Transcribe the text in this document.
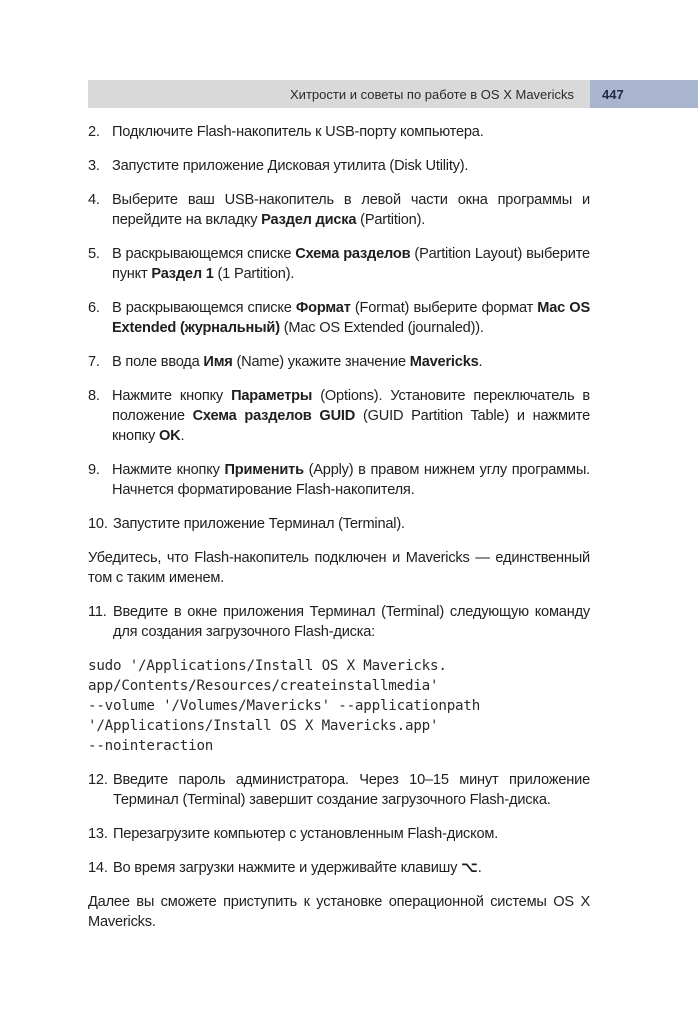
Хитрости и советы по работе в OS X Mavericks	447
2. Подключите Flash-накопитель к USB-порту компьютера.
3. Запустите приложение Дисковая утилита (Disk Utility).
4. Выберите ваш USB-накопитель в левой части окна программы и перейдите на вкладку Раздел диска (Partition).
5. В раскрывающемся списке Схема разделов (Partition Layout) выберите пункт Раздел 1 (1 Partition).
6. В раскрывающемся списке Формат (Format) выберите формат Mac OS Extended (журнальный) (Mac OS Extended (journaled)).
7. В поле ввода Имя (Name) укажите значение Mavericks.
8. Нажмите кнопку Параметры (Options). Установите переключатель в положение Схема разделов GUID (GUID Partition Table) и нажмите кнопку OK.
9. Нажмите кнопку Применить (Apply) в правом нижнем углу программы. Начнется форматирование Flash-накопителя.
10. Запустите приложение Терминал (Terminal).

Убедитесь, что Flash-накопитель подключен и Mavericks — единственный том с таким именем.

11. Введите в окне приложения Терминал (Terminal) следующую команду для создания загрузочного Flash-диска:
sudo '/Applications/Install OS X Mavericks.
app/Contents/Resources/createinstallmedia'
--volume '/Volumes/Mavericks' --applicationpath
'/Applications/Install OS X Mavericks.app'
--nointeraction
12. Введите пароль администратора. Через 10–15 минут приложение Терминал (Terminal) завершит создание загрузочного Flash-диска.
13. Перезагрузите компьютер с установленным Flash-диском.
14. Во время загрузки нажмите и удерживайте клавишу ⌥.

Далее вы сможете приступить к установке операционной системы OS X Mavericks.
